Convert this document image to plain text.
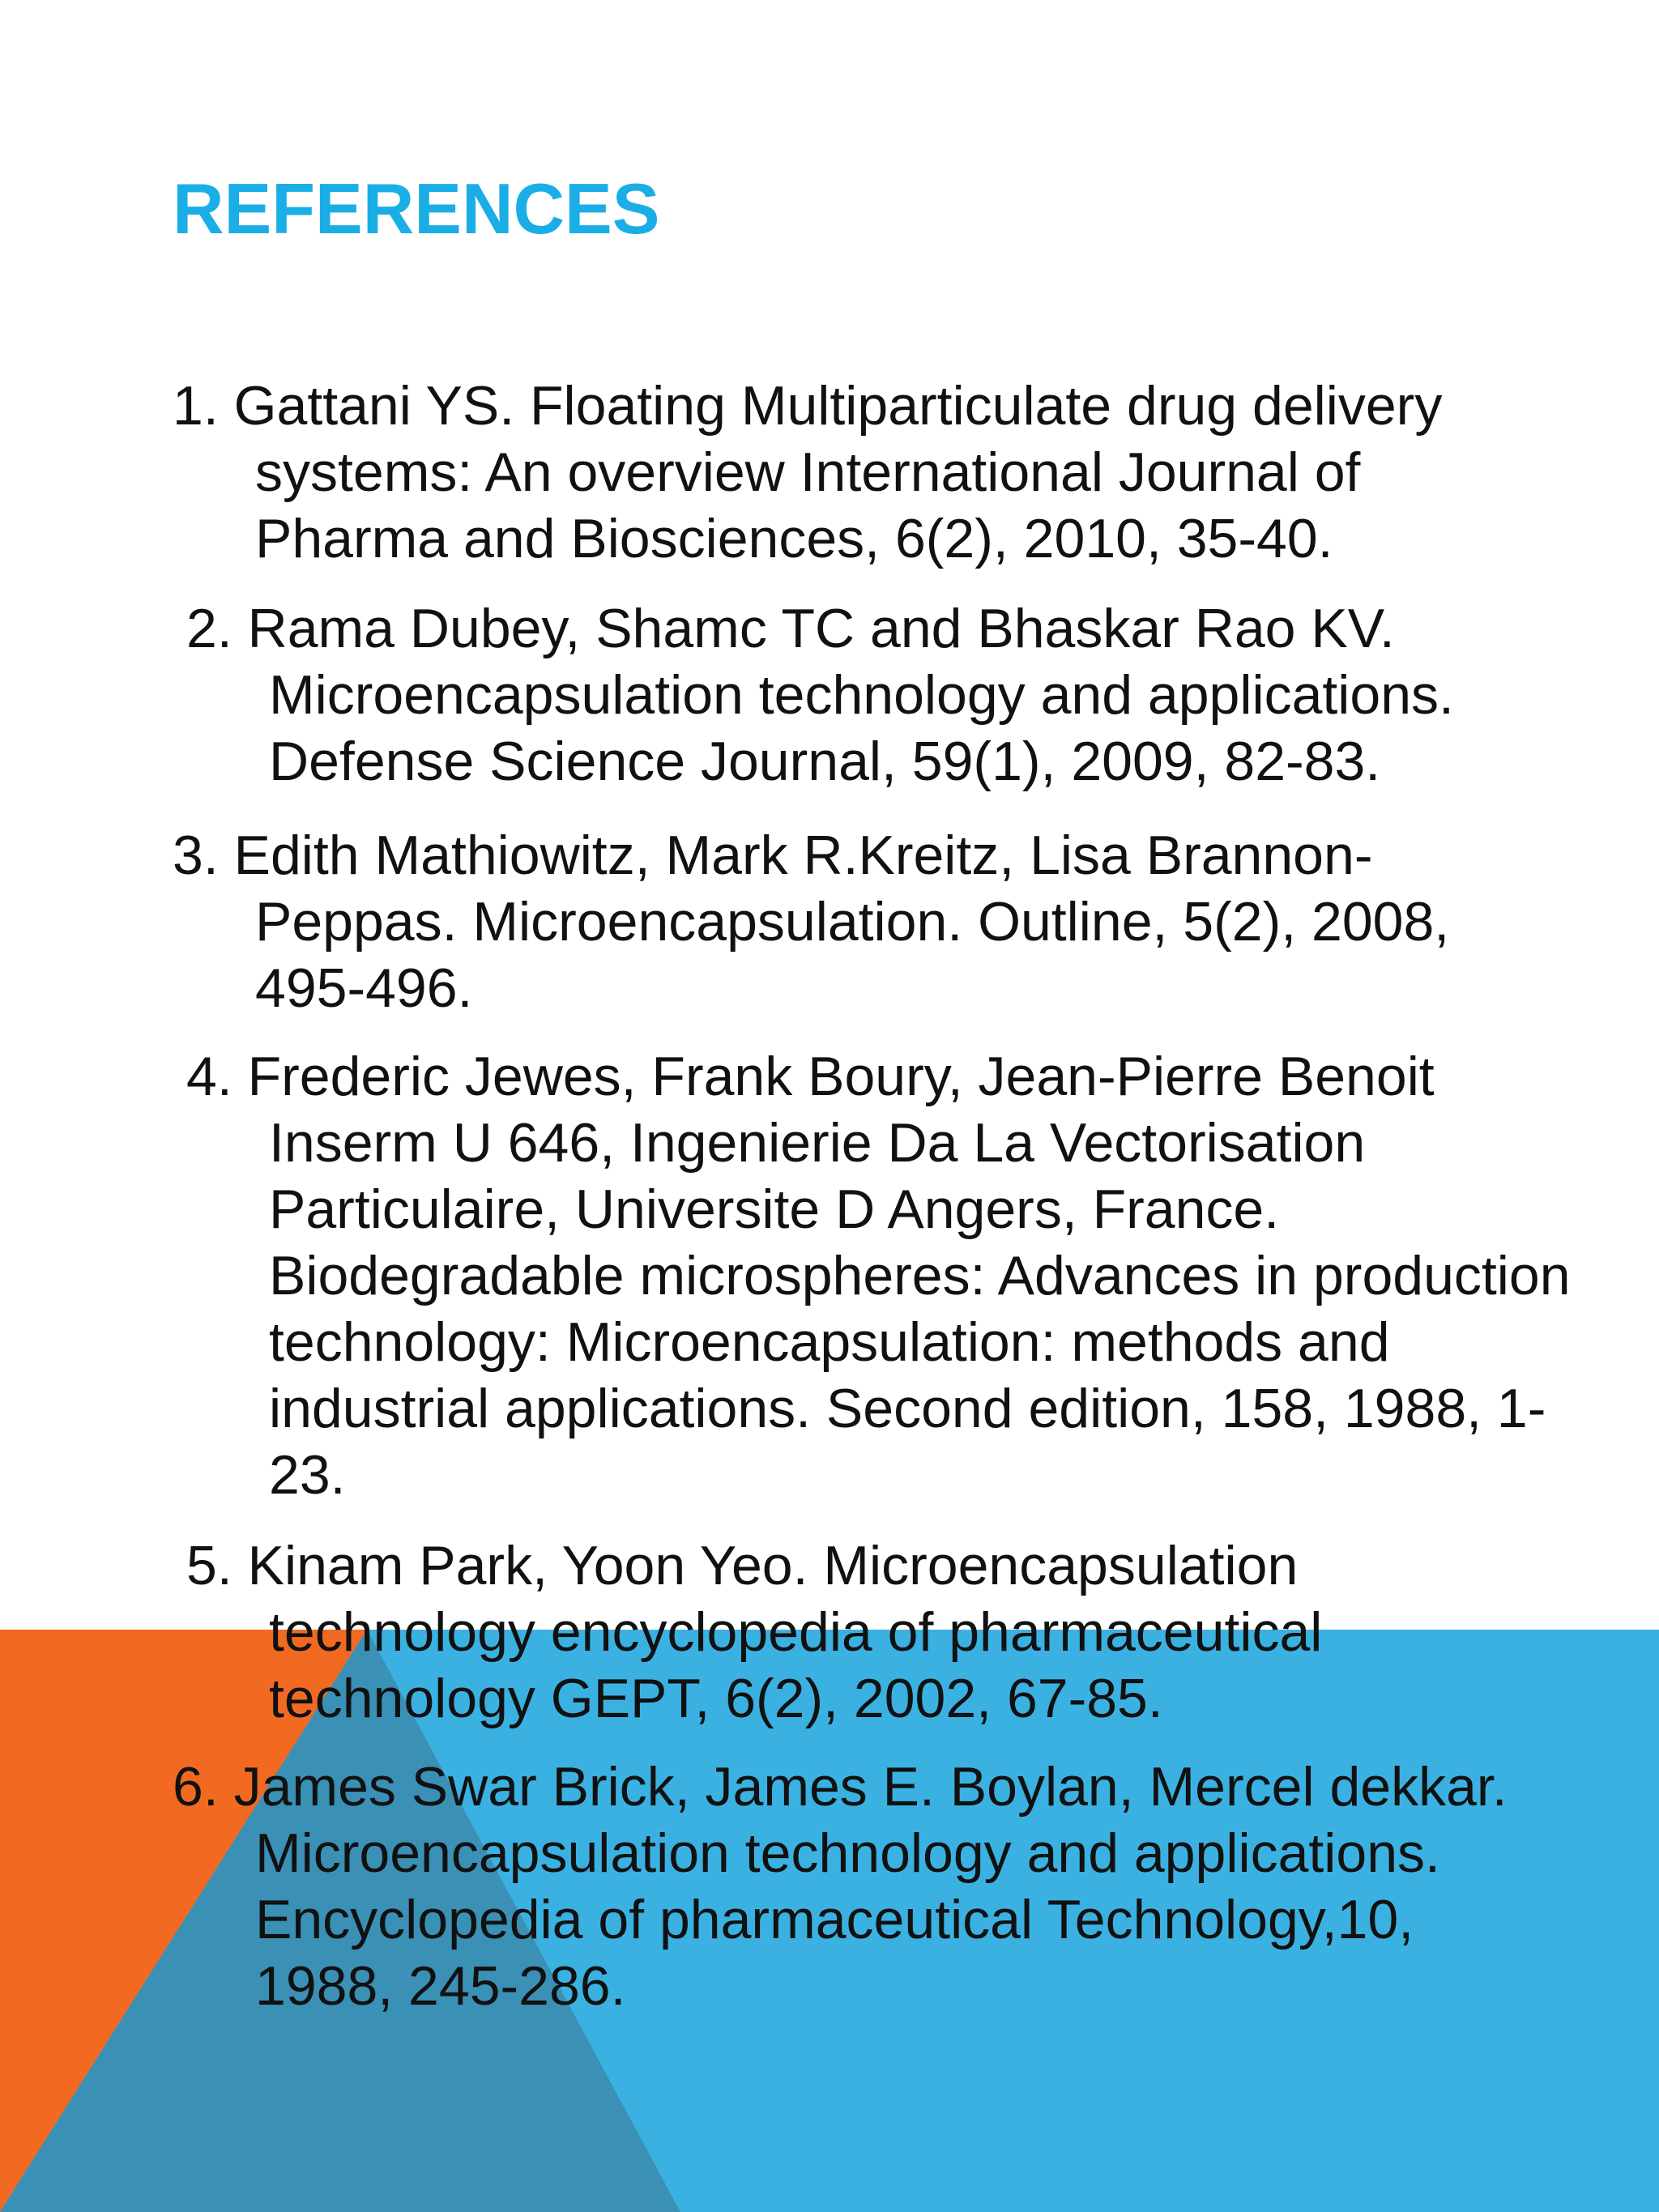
REFERENCES
1. Gattani YS. Floating Multiparticulate drug delivery systems: An overview International Journal of Pharma and Biosciences, 6(2), 2010, 35-40.
2. Rama Dubey, Shamc TC and Bhaskar Rao KV. Microencapsulation technology and applications. Defense Science Journal, 59(1), 2009, 82-83.
3. Edith Mathiowitz, Mark R.Kreitz, Lisa Brannon-Peppas. Microencapsulation. Outline, 5(2), 2008, 495-496.
4. Frederic Jewes, Frank Boury, Jean-Pierre Benoit Inserm U 646, Ingenierie Da La Vectorisation Particulaire, Universite D Angers, France. Biodegradable microspheres: Advances in production technology: Microencapsulation: methods and industrial applications. Second edition, 158, 1988, 1-23.
5. Kinam Park, Yoon Yeo. Microencapsulation technology encyclopedia of pharmaceutical technology GEPT, 6(2), 2002, 67-85.
6. James Swar Brick, James E. Boylan, Mercel dekkar. Microencapsulation technology and applications. Encyclopedia of pharmaceutical Technology,10, 1988, 245-286.
